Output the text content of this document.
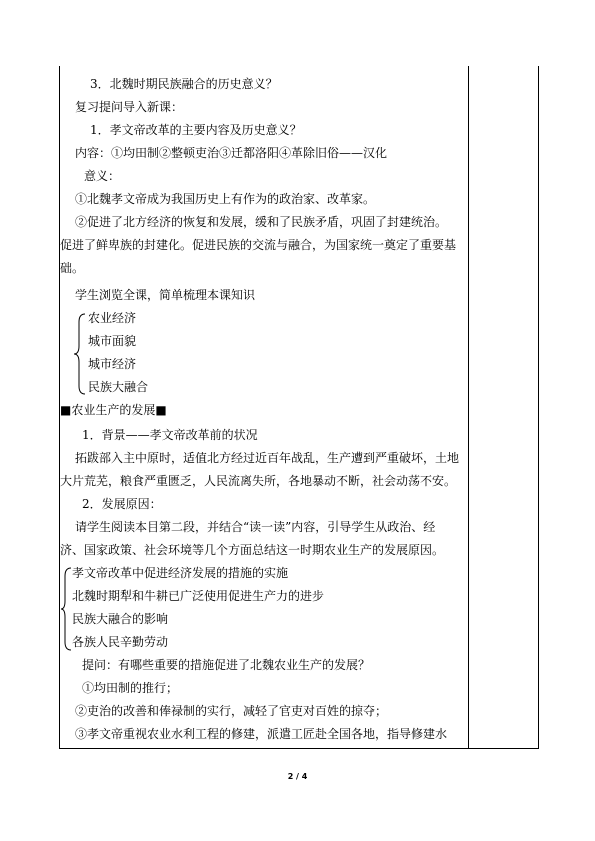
3．北魏时期民族融合的历史意义？
复习提问导入新课：
1．孝文帝改革的主要内容及历史意义？
内容：①均田制②整顿吏治③迁都洛阳④革除旧俗——汉化
意义：
①北魏孝文帝成为我国历史上有作为的政治家、改革家。
②促进了北方经济的恢复和发展，缓和了民族矛盾，巩固了封建统治。
促进了鲜卑族的封建化。促进民族的交流与融合，为国家统一奠定了重要基
础。
学生浏览全课，简单梳理本课知识
农业经济
城市面貌
城市经济
民族大融合
■农业生产的发展■
1．背景——孝文帝改革前的状况
拓跋部入主中原时，适值北方经过近百年战乱，生产遭到严重破坏，土地
大片荒芜，粮食严重匮乏，人民流离失所，各地暴动不断，社会动荡不安。
2．发展原因：
请学生阅读本目第二段，并结合“读一读”内容，引导学生从政治、经
济、国家政策、社会环境等几个方面总结这一时期农业生产的发展原因。
孝文帝改革中促进经济发展的措施的实施
北魏时期犁和牛耕已广泛使用促进生产力的进步
民族大融合的影响
各族人民辛勤劳动
提问：有哪些重要的措施促进了北魏农业生产的发展？
①均田制的推行；
②吏治的改善和俸禄制的实行，减轻了官吏对百姓的掠夺；
③孝文帝重视农业水利工程的修建，派遣工匠赴全国各地，指导修建水
2 / 4
